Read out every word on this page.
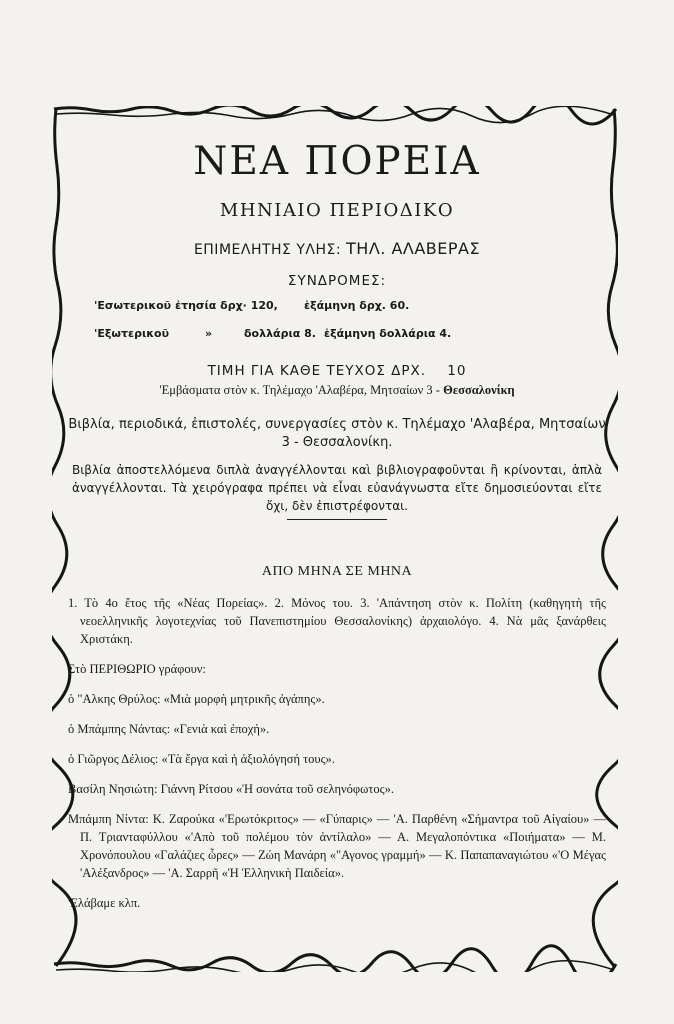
ΝΕΑ ΠΟΡΕΙΑ
ΜΗΝΙΑΙΟ ΠΕΡΙΟΔΙΚΟ
ΕΠΙΜΕΛΗΤΗΣ ΥΛΗΣ: ΤΗΛ. ΑΛΑΒΕΡΑΣ
ΣΥΝΔΡΟΜΕΣ:
'Εσωτερικοῦ ἐτησία δρχ· 120, ἑξάμηνη δρχ. 60.
'Εξωτερικοῦ	»	δολλάρια 8. ἑξάμηνη δολλάρια 4.
ΤΙΜΗ ΓΙΑ ΚΑΘΕ ΤΕΥΧΟΣ ΔΡΧ. 10
'Εμβάσματα στὸν κ. Τηλέμαχο 'Αλαβέρα, Μητσαίων 3 - Θεσσαλονίκη
Βιβλία, περιοδικά, ἐπιστολές, συνεργασίες στὸν κ. Τηλέμαχο 'Αλαβέρα, Μητσαίων 3 - Θεσσαλονίκη.
Βιβλία ἀποστελλόμενα διπλὰ ἀναγγέλλονται καὶ βιβλιογραφοῦνται ἢ κρίνονται, ἁπλὰ ἀναγγέλλονται. Τὰ χειρόγραφα πρέπει νὰ εἶναι εὐανάγνωστα εἴτε δημοσιεύονται εἴτε ὄχι, δὲν ἐπιστρέφονται.
ΑΠΟ ΜΗΝΑ ΣΕ ΜΗΝΑ
1. Τὸ 4ο ἔτος τῆς «Νέας Πορείας». 2. Μόνος του. 3. 'Απάντηση στὸν κ. Πολίτη (καθηγητὴ τῆς νεοελληνικῆς λογοτεχνίας τοῦ Πανεπιστημίου Θεσσαλονίκης) ἀρχαιολόγο. 4. Νὰ μᾶς ξανάρθεις Χριστάκη.
Στὸ ΠΕΡΙΘΩΡΙΟ γράφουν:
ὁ "Αλκης Θρύλος: «Μιὰ μορφὴ μητρικῆς ἀγάπης».
ὁ Μπάμπης Νάντας: «Γενιὰ καὶ ἐποχή».
ὁ Γιῶργος Δέλιος: «Τὰ ἔργα καὶ ἡ ἀξιολόγησή τους».
Βασίλη Νησιώτη: Γιάννη Ρίτσου «Ἡ σονάτα τοῦ σεληνόφωτος».
Μπάμπη Νίντα: Κ. Ζαρούκα «'Ερωτόκριτος» — «Γύπαρις» — 'Α. Παρθένη «Σήμαντρα τοῦ Αἰγαίου» — Π. Τριανταφύλλου «'Απὸ τοῦ πολέμου τὸν ἀντίλαλο» — Α. Μεγαλοπόντικα «Ποιήματα» — Μ. Χρονόπουλου «Γαλάζιες ὧρες» — Ζώη Μανάρη «"Αγονος γραμμή» — Κ. Παπαπαναγιώτου «'Ο Μέγας 'Αλέξανδρος» — 'Α. Σαρρῆ «Ἡ Ἑλληνικὴ Παιδεία».
'Ελάβαμε κλπ.
